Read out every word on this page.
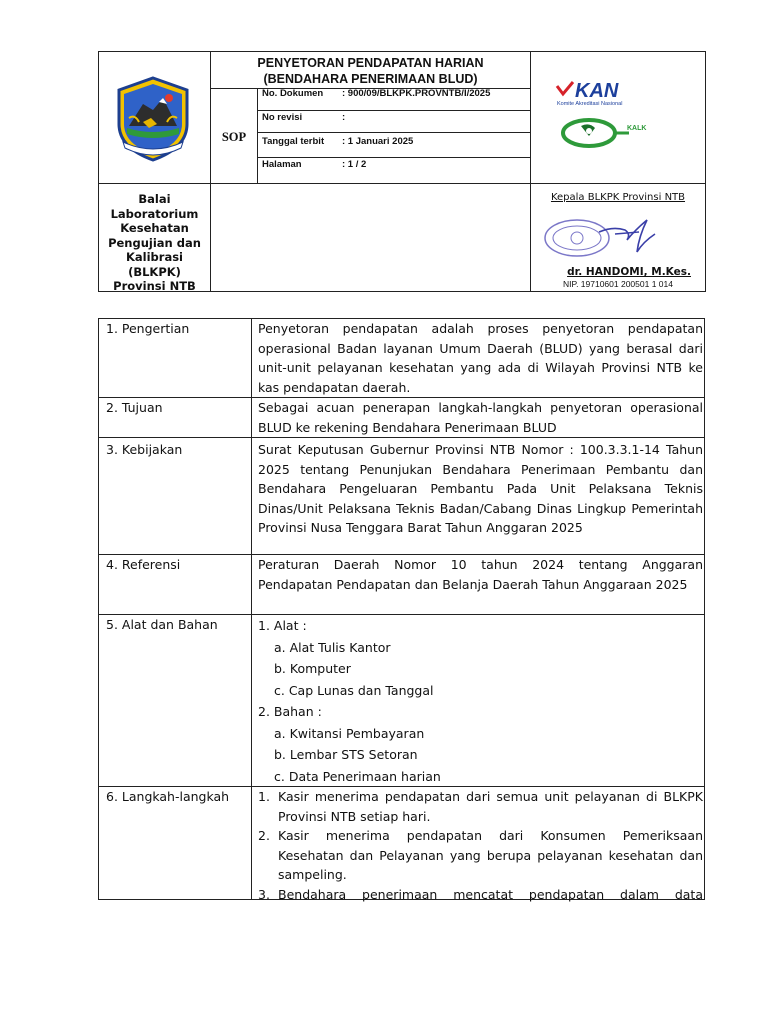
PENYETORAN PENDAPATAN HARIAN
(BENDAHARA PENERIMAAN BLUD)
SOP
No. Dokumen : 900/09/BLKPK.PROVNTB/I/2025
No revisi	:
Tanggal terbit : 1 Januari 2025
Halaman	: 1 / 2
KAN
Komite Akreditasi Nasional
KALK
Balai
Laboratorium
Kesehatan
Pengujian dan
Kalibrasi
(BLKPK)
Provinsi NTB
Kepala BLKPK Provinsi NTB
dr. HANDOMI, M.Kes.
NIP. 19710601 200501 1 014
1. Pengertian	Penyetoran pendapatan adalah proses penyetoran pendapatan operasional Badan layanan Umum Daerah (BLUD) yang berasal dari unit-unit pelayanan kesehatan yang ada di Wilayah Provinsi NTB ke kas pendapatan daerah.

2. Tujuan	Sebagai acuan penerapan langkah-langkah penyetoran operasional BLUD ke rekening Bendahara Penerimaan BLUD

3. Kebijakan	Surat Keputusan Gubernur Provinsi NTB Nomor : 100.3.3.1-14 Tahun 2025 tentang Penunjukan Bendahara Penerimaan Pembantu dan Bendahara Pengeluaran Pembantu Pada Unit Pelaksana Teknis Dinas/Unit Pelaksana Teknis Badan/Cabang Dinas Lingkup Pemerintah Provinsi Nusa Tenggara Barat Tahun Anggaran 2025

4. Referensi	Peraturan Daerah Nomor 10 tahun 2024 tentang Anggaran Pendapatan Pendapatan dan Belanja Daerah Tahun Anggaraan 2025

5. Alat dan Bahan	1. Alat :
a. Alat Tulis Kantor
b. Komputer
c. Cap Lunas dan Tanggal
2. Bahan :
a. Kwitansi Pembayaran
b. Lembar STS Setoran
c. Data Penerimaan harian
6. Langkah-langkah	1. Kasir menerima pendapatan dari semua unit pelayanan di BLKPK Provinsi NTB setiap hari.
2. Kasir menerima pendapatan dari Konsumen Pemeriksaan Kesehatan dan Pelayanan yang berupa pelayanan kesehatan dan sampeling.
3. Bendahara penerimaan mencatat pendapatan dalam data
